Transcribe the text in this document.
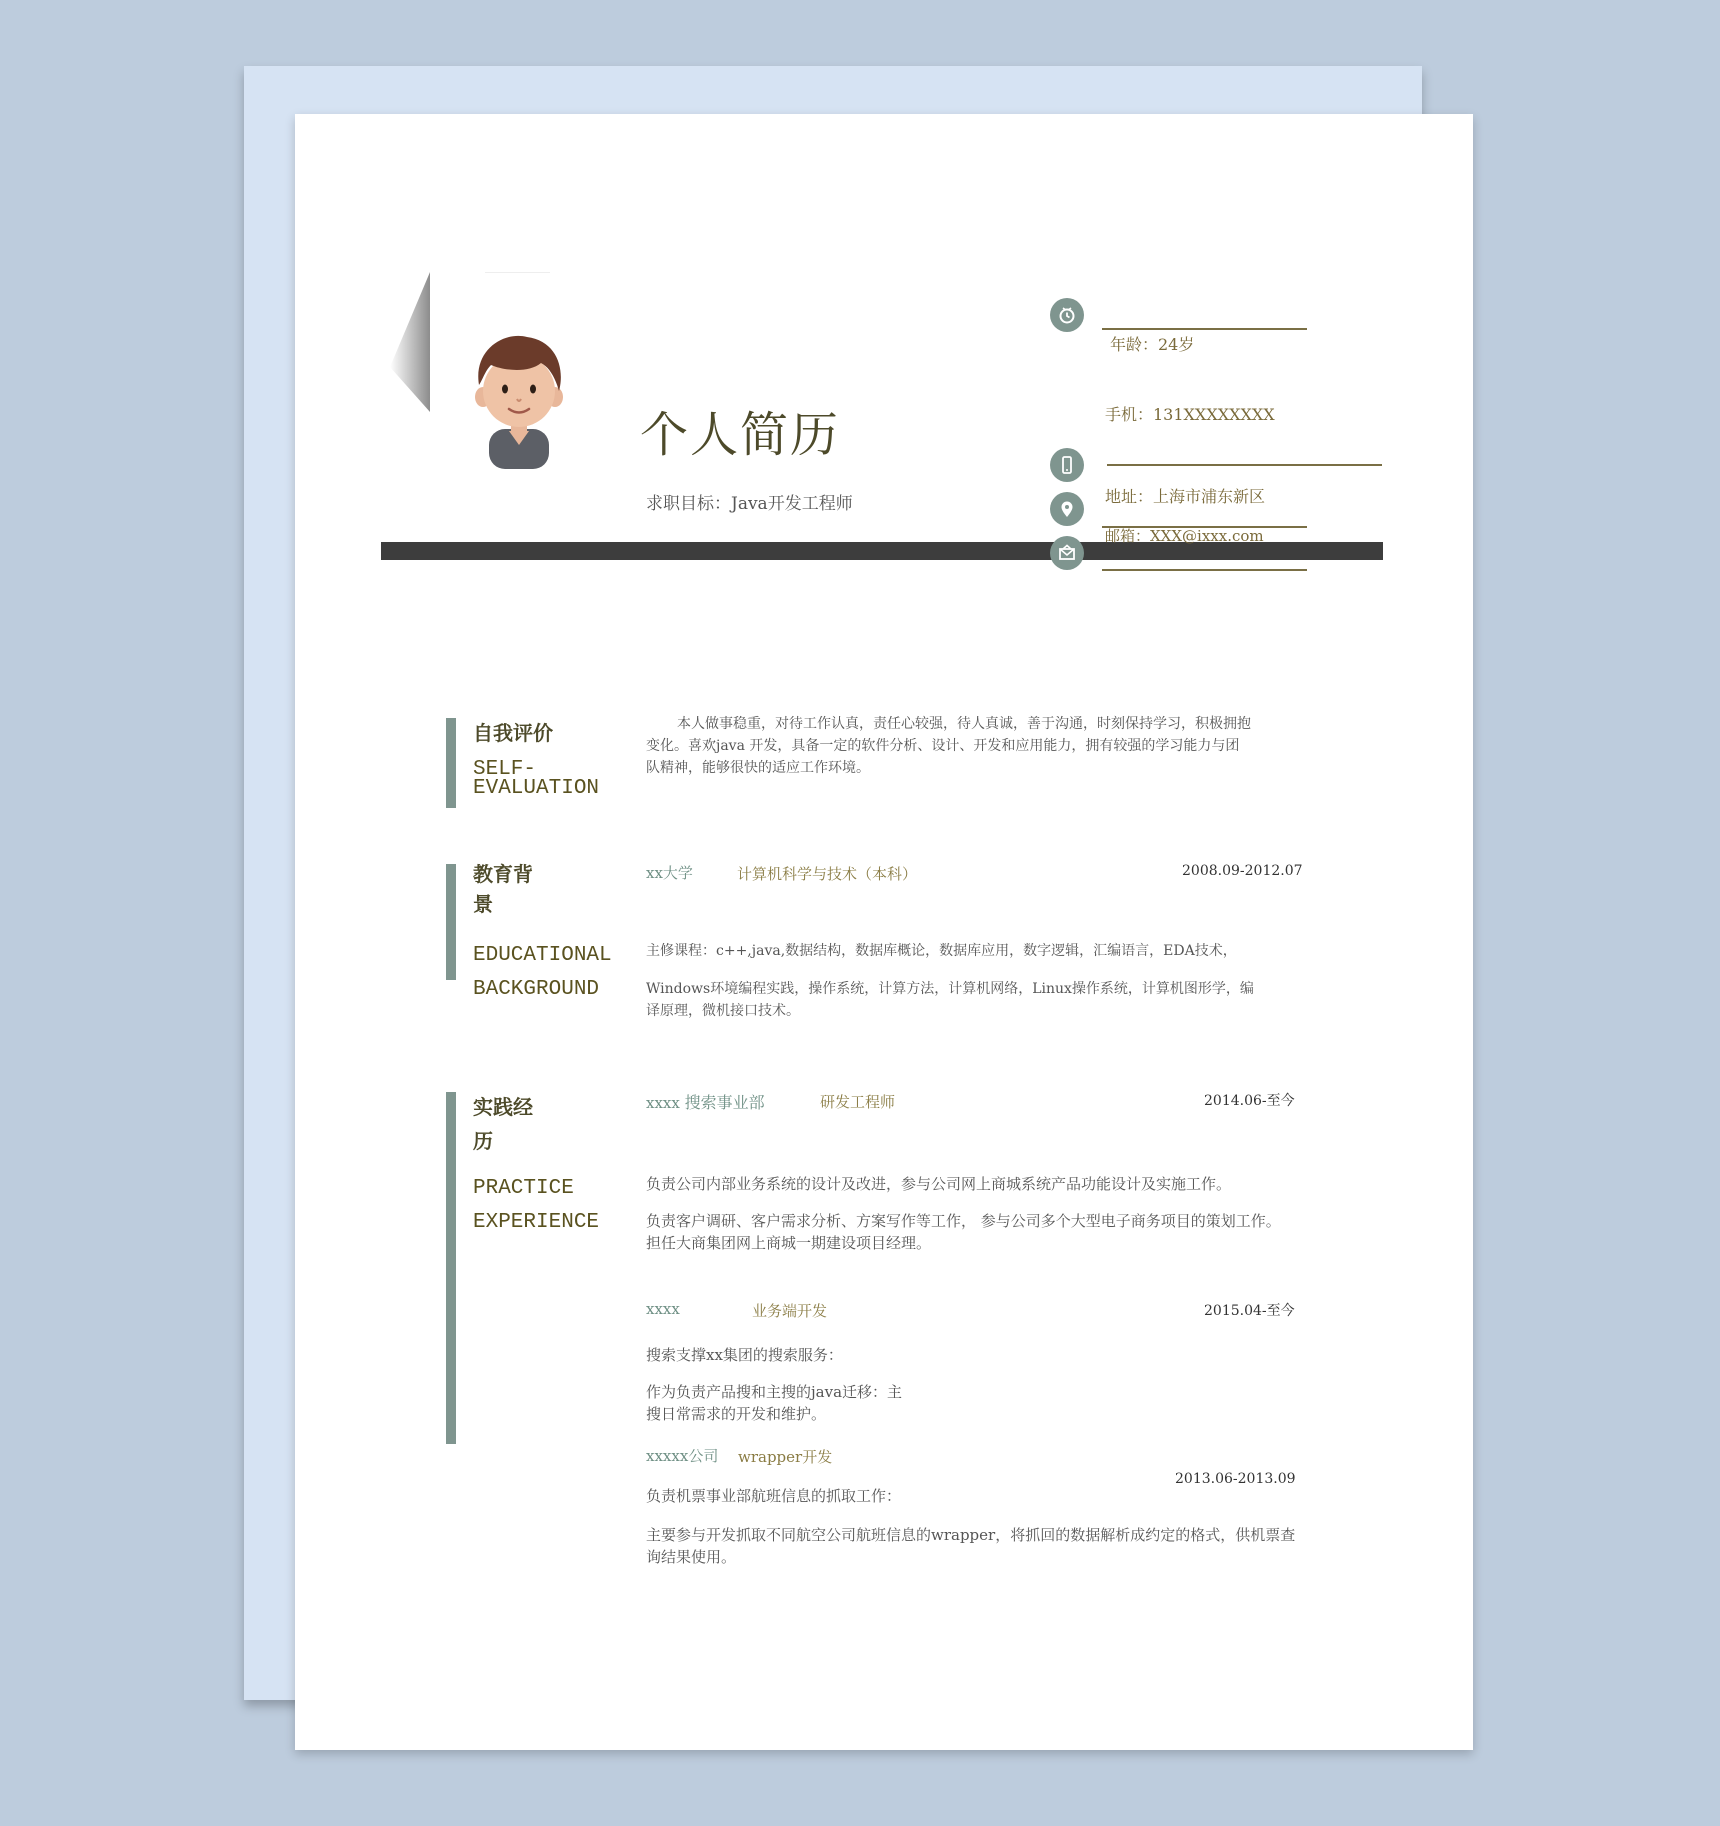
个人简历
求职目标：Java开发工程师
年龄：24岁
手机：131XXXXXXXX
地址：上海市浦东新区
邮箱：XXX@ixxx.com
自我评价
SELF-
EVALUATION
本人做事稳重，对待工作认真，责任心较强，待人真诚，善于沟通，时刻保持学习，积极拥抱
变化。喜欢java 开发，具备一定的软件分析、设计、开发和应用能力，拥有较强的学习能力与团
队精神，能够很快的适应工作环境。
教育背
景
EDUCATIONAL
BACKGROUND
xx大学	计算机科学与技术（本科）	2008.09-2012.07
主修课程：c++,java,数据结构，数据库概论，数据库应用，数字逻辑，汇编语言，EDA技术，
Windows环境编程实践，操作系统，计算方法，计算机网络，Linux操作系统，计算机图形学，编
译原理，微机接口技术。
实践经
历
PRACTICE
EXPERIENCE
xxxx 搜索事业部	研发工程师	2014.06-至今
负责公司内部业务系统的设计及改进，参与公司网上商城系统产品功能设计及实施工作。
负责客户调研、客户需求分析、方案写作等工作， 参与公司多个大型电子商务项目的策划工作。
担任大商集团网上商城一期建设项目经理。
xxxx	业务端开发	2015.04-至今
搜索支撑xx集团的搜索服务：
作为负责产品搜和主搜的java迁移：主
搜日常需求的开发和维护。
xxxxx公司 wrapper开发
2013.06-2013.09
负责机票事业部航班信息的抓取工作：
主要参与开发抓取不同航空公司航班信息的wrapper，将抓回的数据解析成约定的格式，供机票查
询结果使用。
